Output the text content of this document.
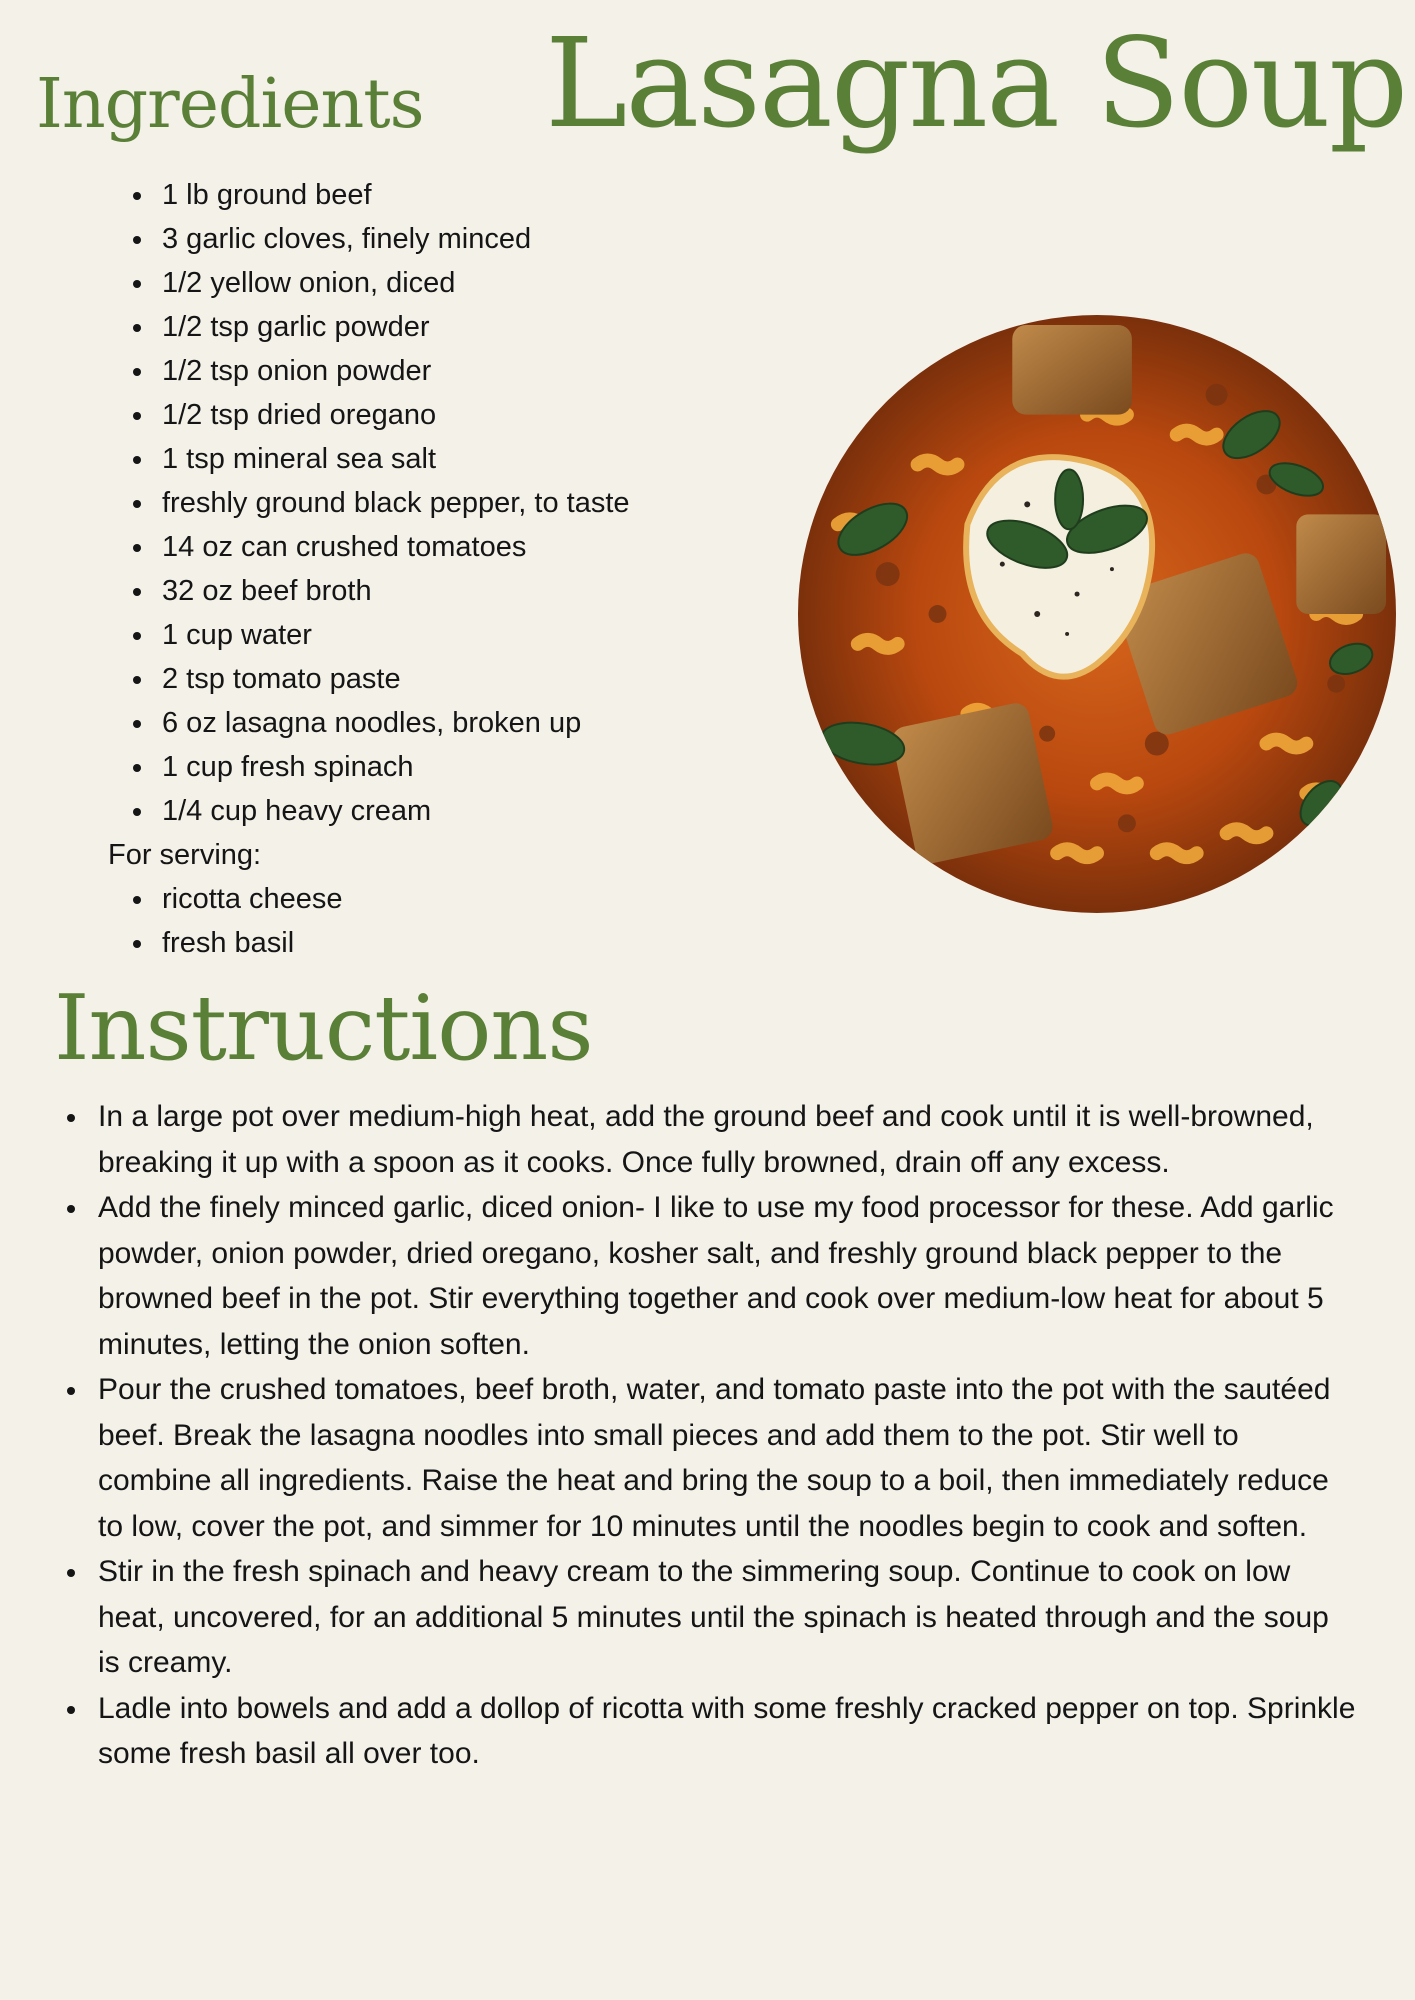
Lasagna Soup
Ingredients
1 lb ground beef
3 garlic cloves, finely minced
1/2 yellow onion, diced
1/2 tsp garlic powder
1/2 tsp onion powder
1/2 tsp dried oregano
1 tsp mineral sea salt
freshly ground black pepper, to taste
14 oz can crushed tomatoes
32 oz beef broth
1 cup water
2 tsp tomato paste
6 oz lasagna noodles, broken up
1 cup fresh spinach
1/4 cup heavy cream

For serving:

ricotta cheese
fresh basil
Instructions
In a large pot over medium-high heat, add the ground beef and cook until it is well-browned, breaking it up with a spoon as it cooks. Once fully browned, drain off any excess.
Add the finely minced garlic, diced onion- I like to use my food processor for these. Add garlic powder, onion powder, dried oregano, kosher salt, and freshly ground black pepper to the browned beef in the pot. Stir everything together and cook over medium-low heat for about 5 minutes, letting the onion soften.
Pour the crushed tomatoes, beef broth, water, and tomato paste into the pot with the sautéed beef. Break the lasagna noodles into small pieces and add them to the pot. Stir well to combine all ingredients. Raise the heat and bring the soup to a boil, then immediately reduce to low, cover the pot, and simmer for 10 minutes until the noodles begin to cook and soften.
Stir in the fresh spinach and heavy cream to the simmering soup. Continue to cook on low heat, uncovered, for an additional 5 minutes until the spinach is heated through and the soup is creamy.
Ladle into bowels and add a dollop of ricotta with some freshly cracked pepper on top. Sprinkle some fresh basil all over too.
